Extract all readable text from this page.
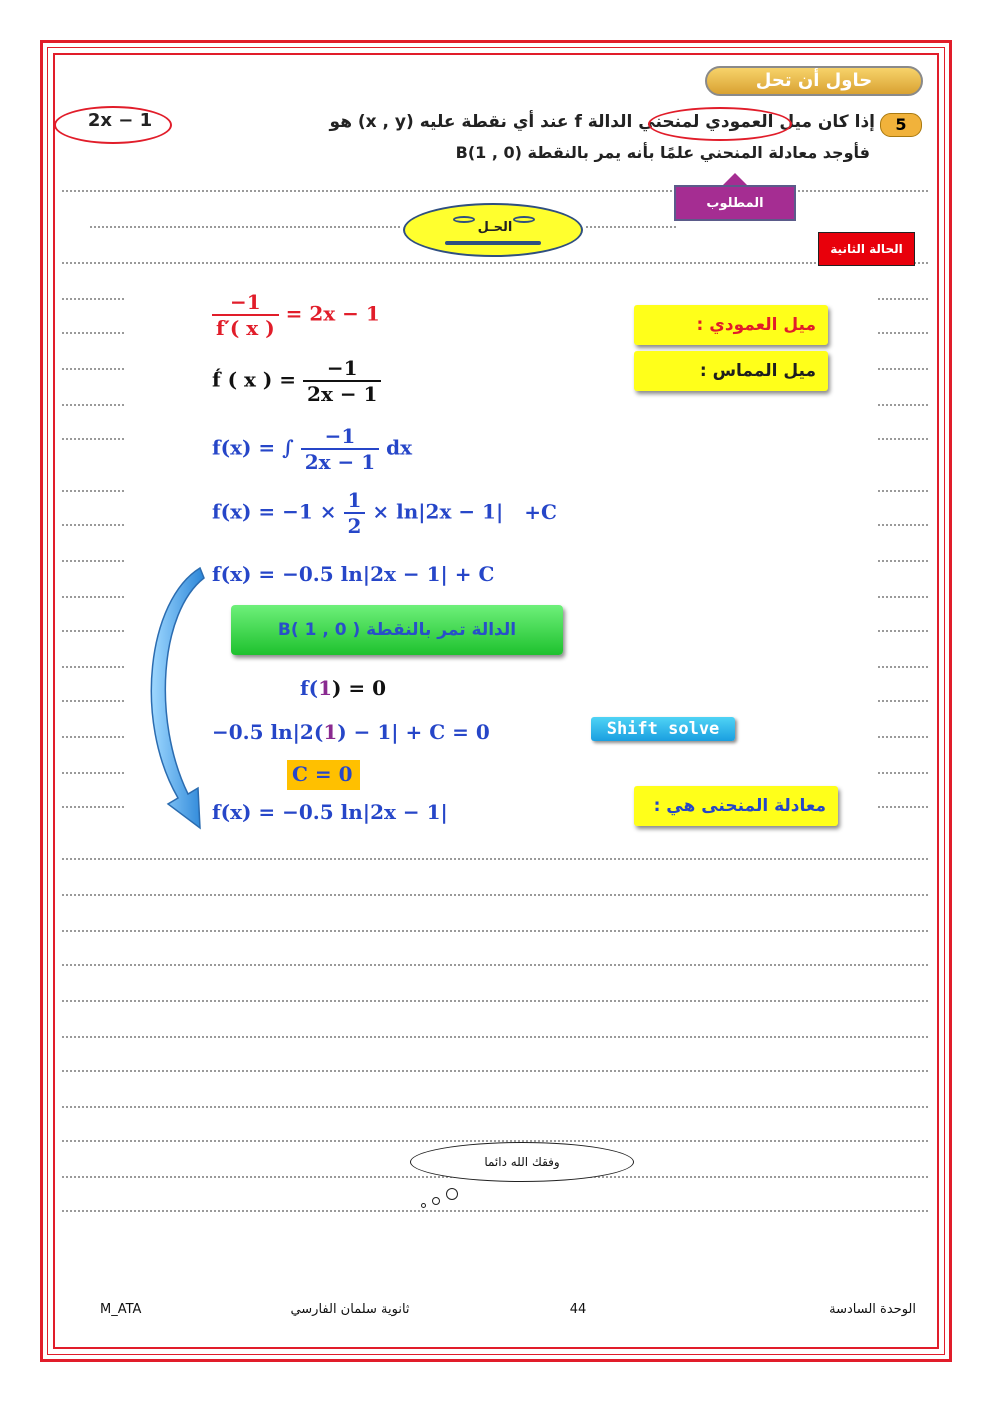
حاول أن تحل
5
إذا كان ميل العمودي لمنحني الدالة f عند أي نقطة عليه (x , y) هو
2x − 1
فأوجد معادلة المنحني علمًا بأنه يمر بالنقطة B(1 , 0)
المطلوب
الحـل
الحالة الثانية
ميل العمودي :
ميل المماس :
معادلة المنحنى هي :
$\frac{-1}{f'( x )} = 2x - 1$
f́ ( x ) = $\frac{-1}{2x - 1}$
f(x) = ∫ $\frac{-1}{2x - 1}$ dx
$f(x) = -1 \times \frac{1}{2} \times \ln|2x - 1| +C$
f(x) = −0.5 ln|2x − 1| + C
الدالة تمر بالنقطة ( B( 1 , 0
f(1) = 0
−0.5 ln|2(1) − 1| + C = 0	Shift solve
C = 0
f(x) = −0.5 ln|2x − 1|
وفقك الله دائما
الوحدة السادسة
44
ثانوية سلمان الفارسي
M_ATA
